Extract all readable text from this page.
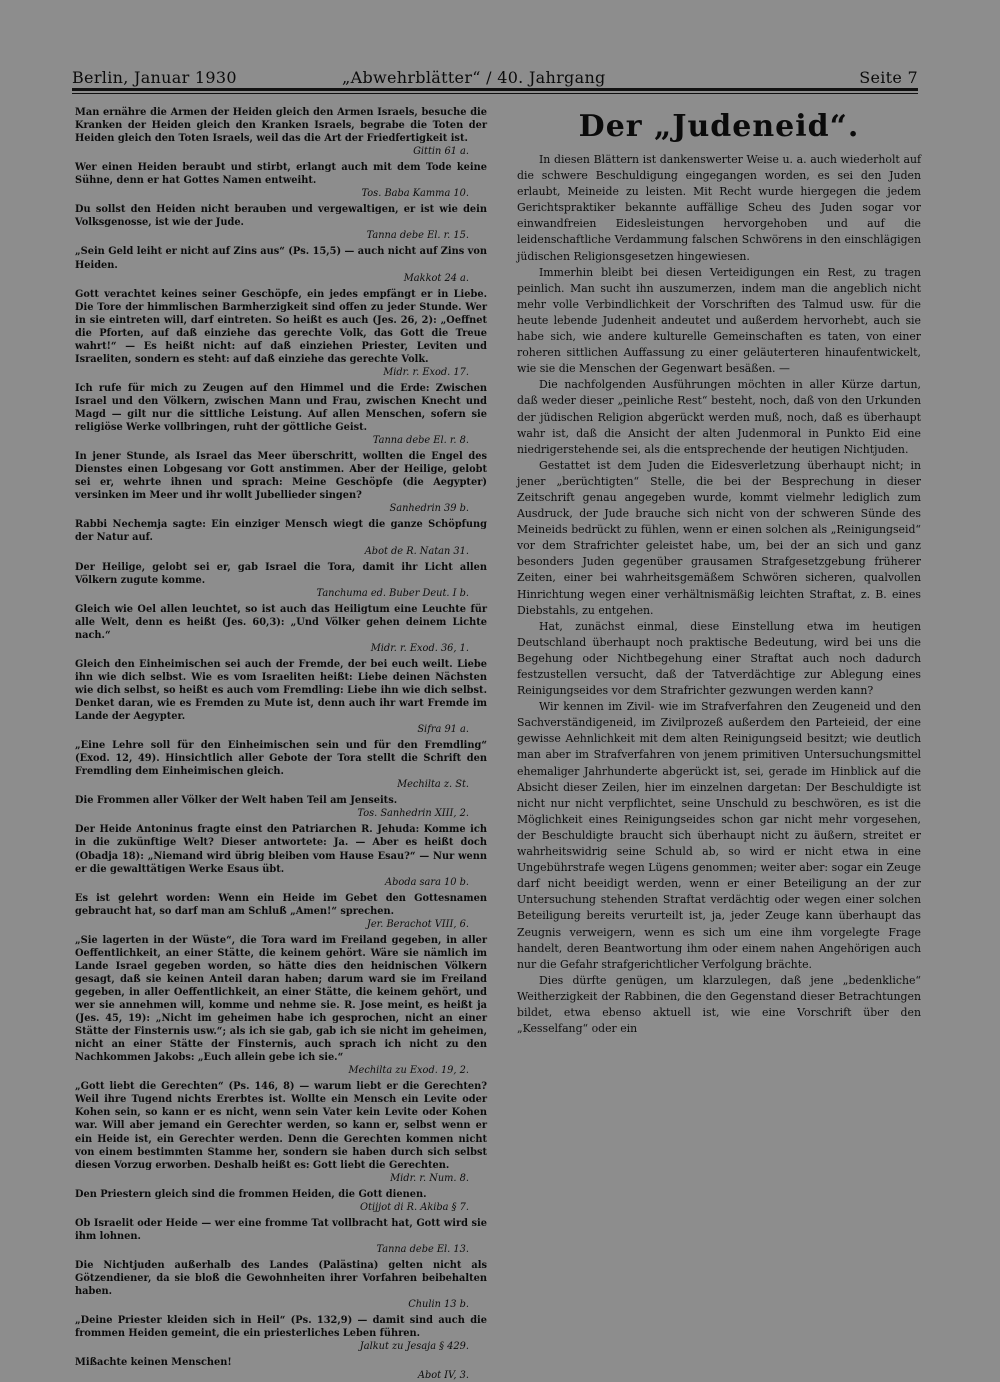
Berlin, Januar 1930	„Abwehrblätter“ / 40. Jahrgang	Seite 7

Man ernähre die Armen der Heiden gleich den Armen Israels, besuche die Kranken der Heiden gleich den Kranken Israels, begrabe die Toten der Heiden gleich den Toten Israels, weil das die Art der Friedfertigkeit ist.

Gittin 61 a.

Wer einen Heiden beraubt und stirbt, erlangt auch mit dem Tode keine Sühne, denn er hat Gottes Namen entweiht.

Tos. Baba Kamma 10.

Du sollst den Heiden nicht berauben und vergewaltigen, er ist wie dein Volksgenosse, ist wie der Jude.

Tanna debe El. r. 15.

„Sein Geld leiht er nicht auf Zins aus“ (Ps. 15,5) — auch nicht auf Zins von Heiden.

Makkot 24 a.

Gott verachtet keines seiner Geschöpfe, ein jedes empfängt er in Liebe. Die Tore der himmlischen Barmherzigkeit sind offen zu jeder Stunde. Wer in sie eintreten will, darf eintreten. So heißt es auch (Jes. 26, 2): „Oeffnet die Pforten, auf daß einziehe das gerechte Volk, das Gott die Treue wahrt!“ — Es heißt nicht: auf daß einziehen Priester, Leviten und Israeliten, sondern es steht: auf daß einziehe das gerechte Volk.

Midr. r. Exod. 17.

Ich rufe für mich zu Zeugen auf den Himmel und die Erde: Zwischen Israel und den Völkern, zwischen Mann und Frau, zwischen Knecht und Magd — gilt nur die sittliche Leistung. Auf allen Menschen, sofern sie religiöse Werke vollbringen, ruht der göttliche Geist.

Tanna debe El. r. 8.

In jener Stunde, als Israel das Meer überschritt, wollten die Engel des Dienstes einen Lobgesang vor Gott anstimmen. Aber der Heilige, gelobt sei er, wehrte ihnen und sprach: Meine Geschöpfe (die Aegypter) versinken im Meer und ihr wollt Jubellieder singen?

Sanhedrin 39 b.

Rabbi Nechemja sagte: Ein einziger Mensch wiegt die ganze Schöpfung der Natur auf.

Abot de R. Natan 31.

Der Heilige, gelobt sei er, gab Israel die Tora, damit ihr Licht allen Völkern zugute komme.

Tanchuma ed. Buber Deut. I b.

Gleich wie Oel allen leuchtet, so ist auch das Heiligtum eine Leuchte für alle Welt, denn es heißt (Jes. 60,3): „Und Völker gehen deinem Lichte nach.“

Midr. r. Exod. 36, 1.

Gleich den Einheimischen sei auch der Fremde, der bei euch weilt. Liebe ihn wie dich selbst. Wie es vom Israeliten heißt: Liebe deinen Nächsten wie dich selbst, so heißt es auch vom Fremdling: Liebe ihn wie dich selbst. Denket daran, wie es Fremden zu Mute ist, denn auch ihr wart Fremde im Lande der Aegypter.

Sifra 91 a.

„Eine Lehre soll für den Einheimischen sein und für den Fremdling“ (Exod. 12, 49). Hinsichtlich aller Gebote der Tora stellt die Schrift den Fremdling dem Einheimischen gleich.

Mechilta z. St.

Die Frommen aller Völker der Welt haben Teil am Jenseits.

Tos. Sanhedrin XIII, 2.

Der Heide Antoninus fragte einst den Patriarchen R. Jehuda: Komme ich in die zukünftige Welt? Dieser antwortete: Ja. — Aber es heißt doch (Obadja 18): „Niemand wird übrig bleiben vom Hause Esau?“ — Nur wenn er die gewalttätigen Werke Esaus übt.

Aboda sara 10 b.

Es ist gelehrt worden: Wenn ein Heide im Gebet den Gottesnamen gebraucht hat, so darf man am Schluß „Amen!“ sprechen.

Jer. Berachot VIII, 6.

„Sie lagerten in der Wüste“, die Tora ward im Freiland gegeben, in aller Oeffentlichkeit, an einer Stätte, die keinem gehört. Wäre sie nämlich im Lande Israel gegeben worden, so hätte dies den heidnischen Völkern gesagt, daß sie keinen Anteil daran haben; darum ward sie im Freiland gegeben, in aller Oeffentlichkeit, an einer Stätte, die keinem gehört, und wer sie annehmen will, komme und nehme sie. R. Jose meint, es heißt ja (Jes. 45, 19): „Nicht im geheimen habe ich gesprochen, nicht an einer Stätte der Finsternis usw.“; als ich sie gab, gab ich sie nicht im geheimen, nicht an einer Stätte der Finsternis, auch sprach ich nicht zu den Nachkommen Jakobs: „Euch allein gebe ich sie.“

Mechilta zu Exod. 19, 2.

„Gott liebt die Gerechten“ (Ps. 146, 8) — warum liebt er die Gerechten? Weil ihre Tugend nichts Ererbtes ist. Wollte ein Mensch ein Levite oder Kohen sein, so kann er es nicht, wenn sein Vater kein Levite oder Kohen war. Will aber jemand ein Gerechter werden, so kann er, selbst wenn er ein Heide ist, ein Gerechter werden. Denn die Gerechten kommen nicht von einem bestimmten Stamme her, sondern sie haben durch sich selbst diesen Vorzug erworben. Deshalb heißt es: Gott liebt die Gerechten.

Midr. r. Num. 8.

Den Priestern gleich sind die frommen Heiden, die Gott dienen.

Otijjot di R. Akiba § 7.

Ob Israelit oder Heide — wer eine fromme Tat vollbracht hat, Gott wird sie ihm lohnen.

Tanna debe El. 13.

Die Nichtjuden außerhalb des Landes (Palästina) gelten nicht als Götzendiener, da sie bloß die Gewohnheiten ihrer Vorfahren beibehalten haben.

Chulin 13 b.

„Deine Priester kleiden sich in Heil“ (Ps. 132,9) — damit sind auch die frommen Heiden gemeint, die ein priesterliches Leben führen.

Jalkut zu Jesaja § 429.

Mißachte keinen Menschen!

Abot IV, 3.

Der „Judeneid“.

In diesen Blättern ist dankenswerter Weise u. a. auch wiederholt auf die schwere Beschuldigung eingegangen worden, es sei den Juden erlaubt, Meineide zu leisten. Mit Recht wurde hiergegen die jedem Gerichtspraktiker bekannte auffällige Scheu des Juden sogar vor einwandfreien Eidesleistungen hervorgehoben und auf die leidenschaftliche Verdammung falschen Schwörens in den einschlägigen jüdischen Religionsgesetzen hingewiesen.

Immerhin bleibt bei diesen Verteidigungen ein Rest, zu tragen peinlich. Man sucht ihn auszumerzen, indem man die angeblich nicht mehr volle Verbindlichkeit der Vorschriften des Talmud usw. für die heute lebende Judenheit andeutet und außerdem hervorhebt, auch sie habe sich, wie andere kulturelle Gemeinschaften es taten, von einer roheren sittlichen Auffassung zu einer geläuterteren hinaufentwickelt, wie sie die Menschen der Gegenwart besäßen. —

Die nachfolgenden Ausführungen möchten in aller Kürze dartun, daß weder dieser „peinliche Rest“ besteht, noch, daß von den Urkunden der jüdischen Religion abgerückt werden muß, noch, daß es überhaupt wahr ist, daß die Ansicht der alten Judenmoral in Punkto Eid eine niedrigerstehende sei, als die entsprechende der heutigen Nichtjuden.

Gestattet ist dem Juden die Eidesverletzung überhaupt nicht; in jener „berüchtigten“ Stelle, die bei der Besprechung in dieser Zeitschrift genau angegeben wurde, kommt vielmehr lediglich zum Ausdruck, der Jude brauche sich nicht von der schweren Sünde des Meineids bedrückt zu fühlen, wenn er einen solchen als „Reinigungseid“ vor dem Strafrichter geleistet habe, um, bei der an sich und ganz besonders Juden gegenüber grausamen Strafgesetzgebung früherer Zeiten, einer bei wahrheitsgemäßem Schwören sicheren, qualvollen Hinrichtung wegen einer verhältnismäßig leichten Straftat, z. B. eines Diebstahls, zu entgehen.

Hat, zunächst einmal, diese Einstellung etwa im heutigen Deutschland überhaupt noch praktische Bedeutung, wird bei uns die Begehung oder Nichtbegehung einer Straftat auch noch dadurch festzustellen versucht, daß der Tatverdächtige zur Ablegung eines Reinigungseides vor dem Strafrichter gezwungen werden kann?

Wir kennen im Zivil- wie im Strafverfahren den Zeugeneid und den Sachverständigeneid, im Zivilprozeß außerdem den Parteieid, der eine gewisse Aehnlichkeit mit dem alten Reinigungseid besitzt; wie deutlich man aber im Strafverfahren von jenem primitiven Untersuchungsmittel ehemaliger Jahrhunderte abgerückt ist, sei, gerade im Hinblick auf die Absicht dieser Zeilen, hier im einzelnen dargetan: Der Beschuldigte ist nicht nur nicht verpflichtet, seine Unschuld zu beschwören, es ist die Möglichkeit eines Reinigungseides schon gar nicht mehr vorgesehen, der Beschuldigte braucht sich überhaupt nicht zu äußern, streitet er wahrheitswidrig seine Schuld ab, so wird er nicht etwa in eine Ungebührstrafe wegen Lügens genommen; weiter aber: sogar ein Zeuge darf nicht beeidigt werden, wenn er einer Beteiligung an der zur Untersuchung stehenden Straftat verdächtig oder wegen einer solchen Beteiligung bereits verurteilt ist, ja, jeder Zeuge kann überhaupt das Zeugnis verweigern, wenn es sich um eine ihm vorgelegte Frage handelt, deren Beantwortung ihm oder einem nahen Angehörigen auch nur die Gefahr strafgerichtlicher Verfolgung brächte.

Dies dürfte genügen, um klarzulegen, daß jene „bedenkliche“ Weitherzigkeit der Rabbinen, die den Gegenstand dieser Betrachtungen bildet, etwa ebenso aktuell ist, wie eine Vorschrift über den „Kesselfang“ oder ein
